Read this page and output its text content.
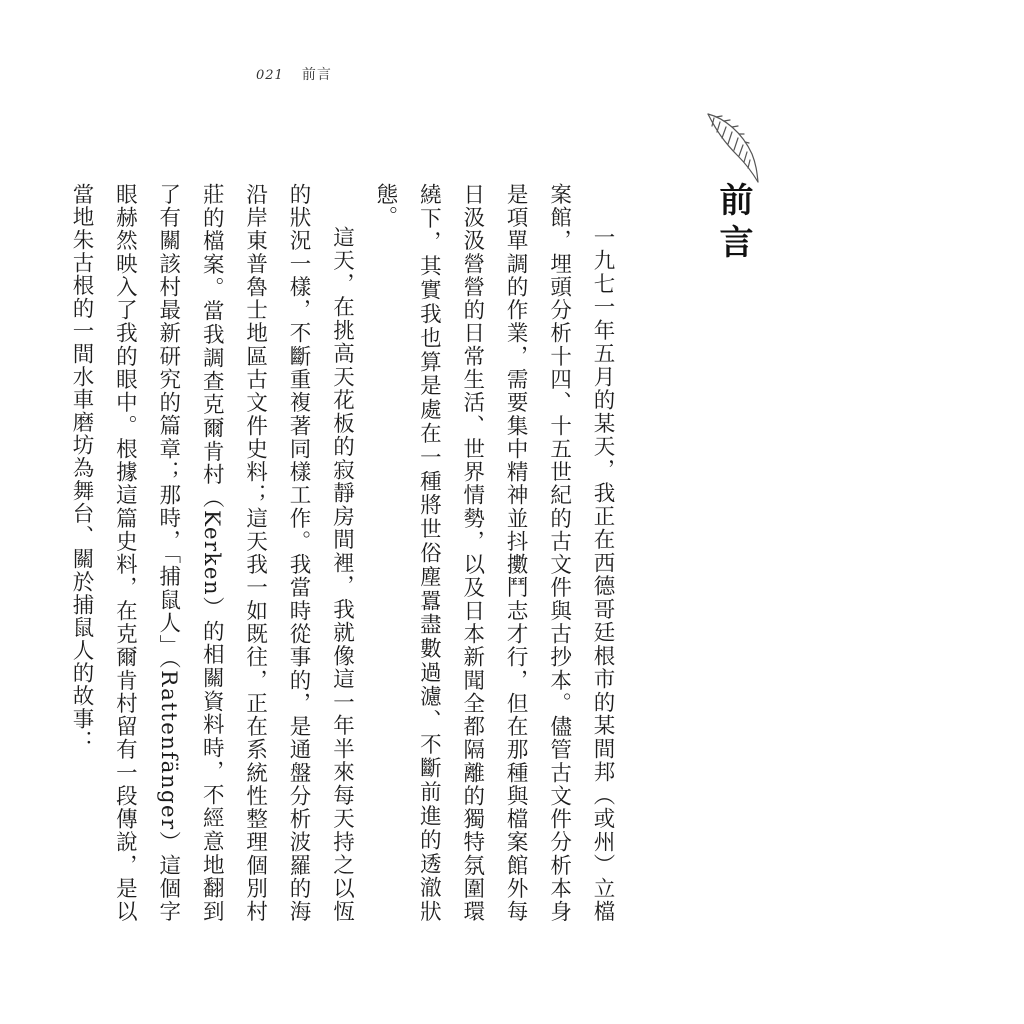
021 前言
前言

一九七一年五月的某天，我正在西德哥廷根市的某間邦（或州）立檔案館，埋頭分析十四、十五世紀的古文件與古抄本。儘管古文件分析本身是項單調的作業，需要集中精神並抖擻鬥志才行，但在那種與檔案館外每日汲汲營營的日常生活、世界情勢，以及日本新聞全都隔離的獨特氛圍環繞下，其實我也算是處在一種將世俗塵囂盡數過濾、不斷前進的透澈狀態。

這天，在挑高天花板的寂靜房間裡，我就像這一年半來每天持之以恆的狀況一樣，不斷重複著同樣工作。我當時從事的，是通盤分析波羅的海沿岸東普魯士地區古文件史料；這天我一如既往，正在系統性整理個別村莊的檔案。當我調查克爾肯村（Kerken）的相關資料時，不經意地翻到了有關該村最新研究的篇章；那時，「捕鼠人」（Rattenfänger）這個字眼赫然映入了我的眼中。根據這篇史料，在克爾肯村留有一段傳說，是以當地朱古根的一間水車磨坊為舞台、關於捕鼠人的故事：
